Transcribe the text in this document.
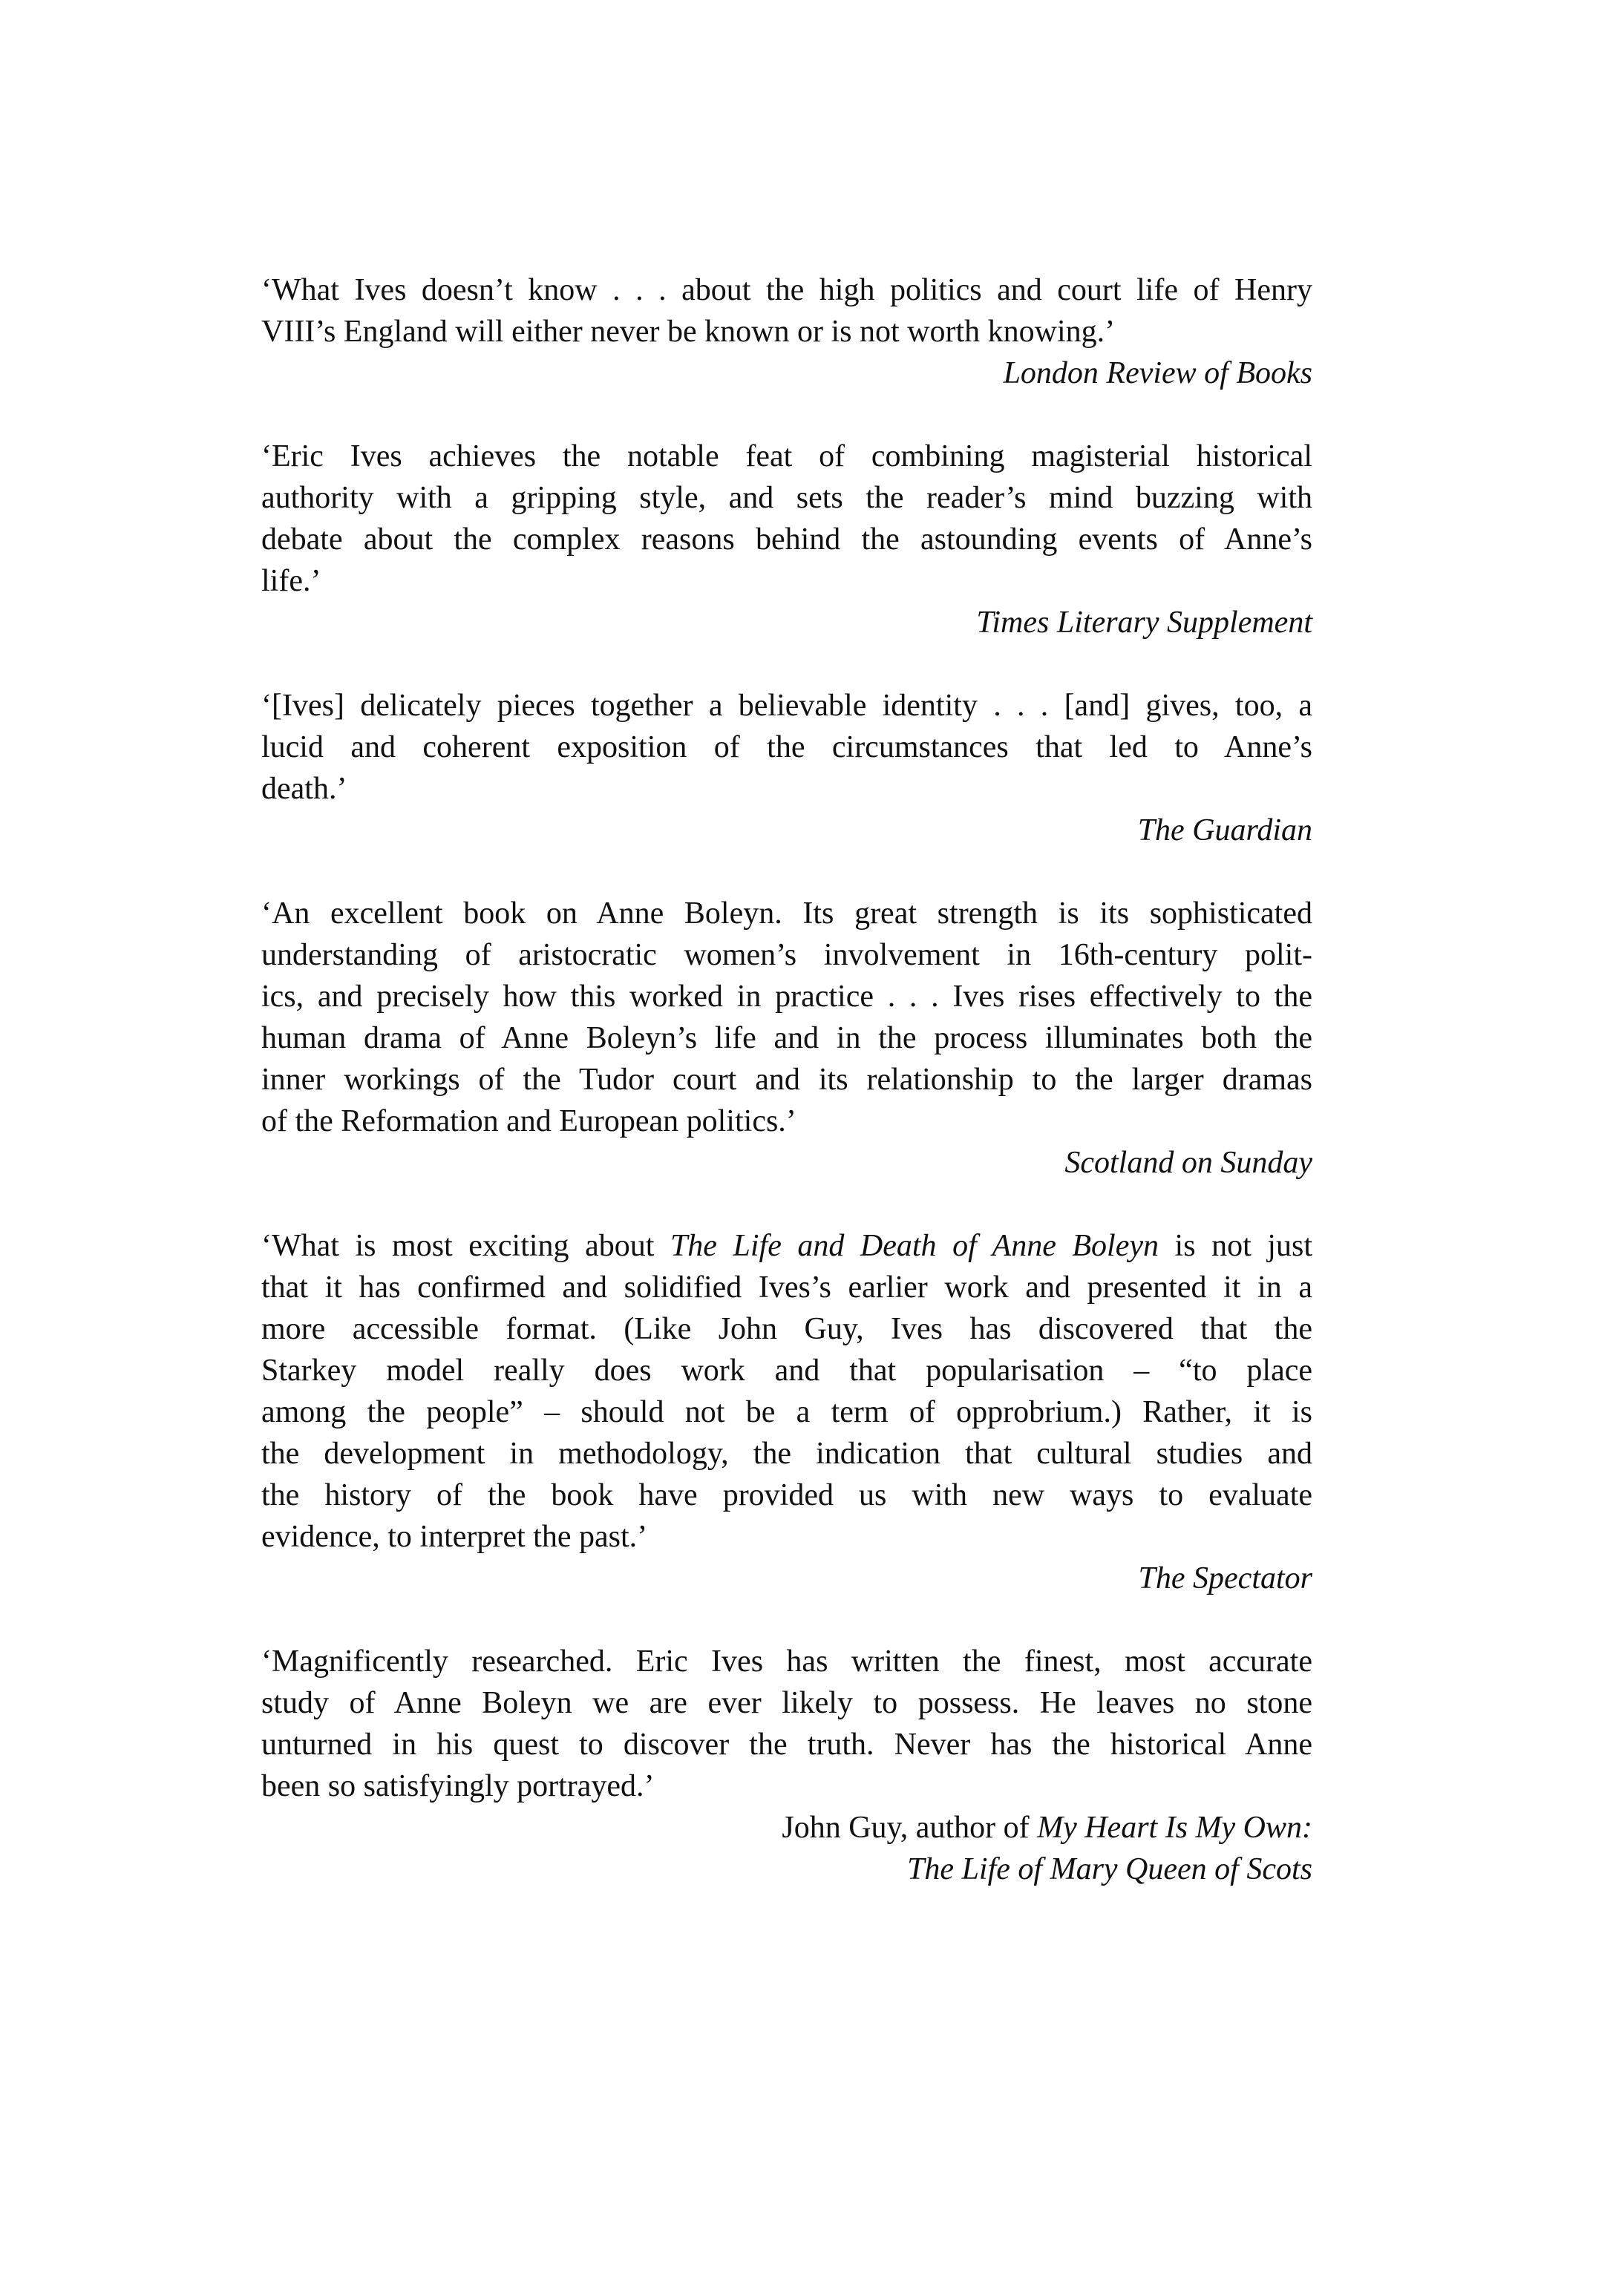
‘What Ives doesn’t know . . . about the high politics and court life of Henry
VIII’s England will either never be known or is not worth knowing.’
London Review of Books
‘Eric Ives achieves the notable feat of combining magisterial historical
authority with a gripping style, and sets the reader’s mind buzzing with
debate about the complex reasons behind the astounding events of Anne’s
life.’
Times Literary Supplement
‘[Ives] delicately pieces together a believable identity . . . [and] gives, too, a
lucid and coherent exposition of the circumstances that led to Anne’s
death.’
The Guardian
‘An excellent book on Anne Boleyn. Its great strength is its sophisticated
understanding of aristocratic women’s involvement in 16th-century polit-
ics, and precisely how this worked in practice . . . Ives rises effectively to the
human drama of Anne Boleyn’s life and in the process illuminates both the
inner workings of the Tudor court and its relationship to the larger dramas
of the Reformation and European politics.’
Scotland on Sunday
‘What is most exciting about The Life and Death of Anne Boleyn is not just
that it has confirmed and solidified Ives’s earlier work and presented it in a
more accessible format. (Like John Guy, Ives has discovered that the
Starkey model really does work and that popularisation – “to place
among the people” – should not be a term of opprobrium.) Rather, it is
the development in methodology, the indication that cultural studies and
the history of the book have provided us with new ways to evaluate
evidence, to interpret the past.’
The Spectator
‘Magnificently researched. Eric Ives has written the finest, most accurate
study of Anne Boleyn we are ever likely to possess. He leaves no stone
unturned in his quest to discover the truth. Never has the historical Anne
been so satisfyingly portrayed.’
John Guy, author of My Heart Is My Own:
The Life of Mary Queen of Scots
